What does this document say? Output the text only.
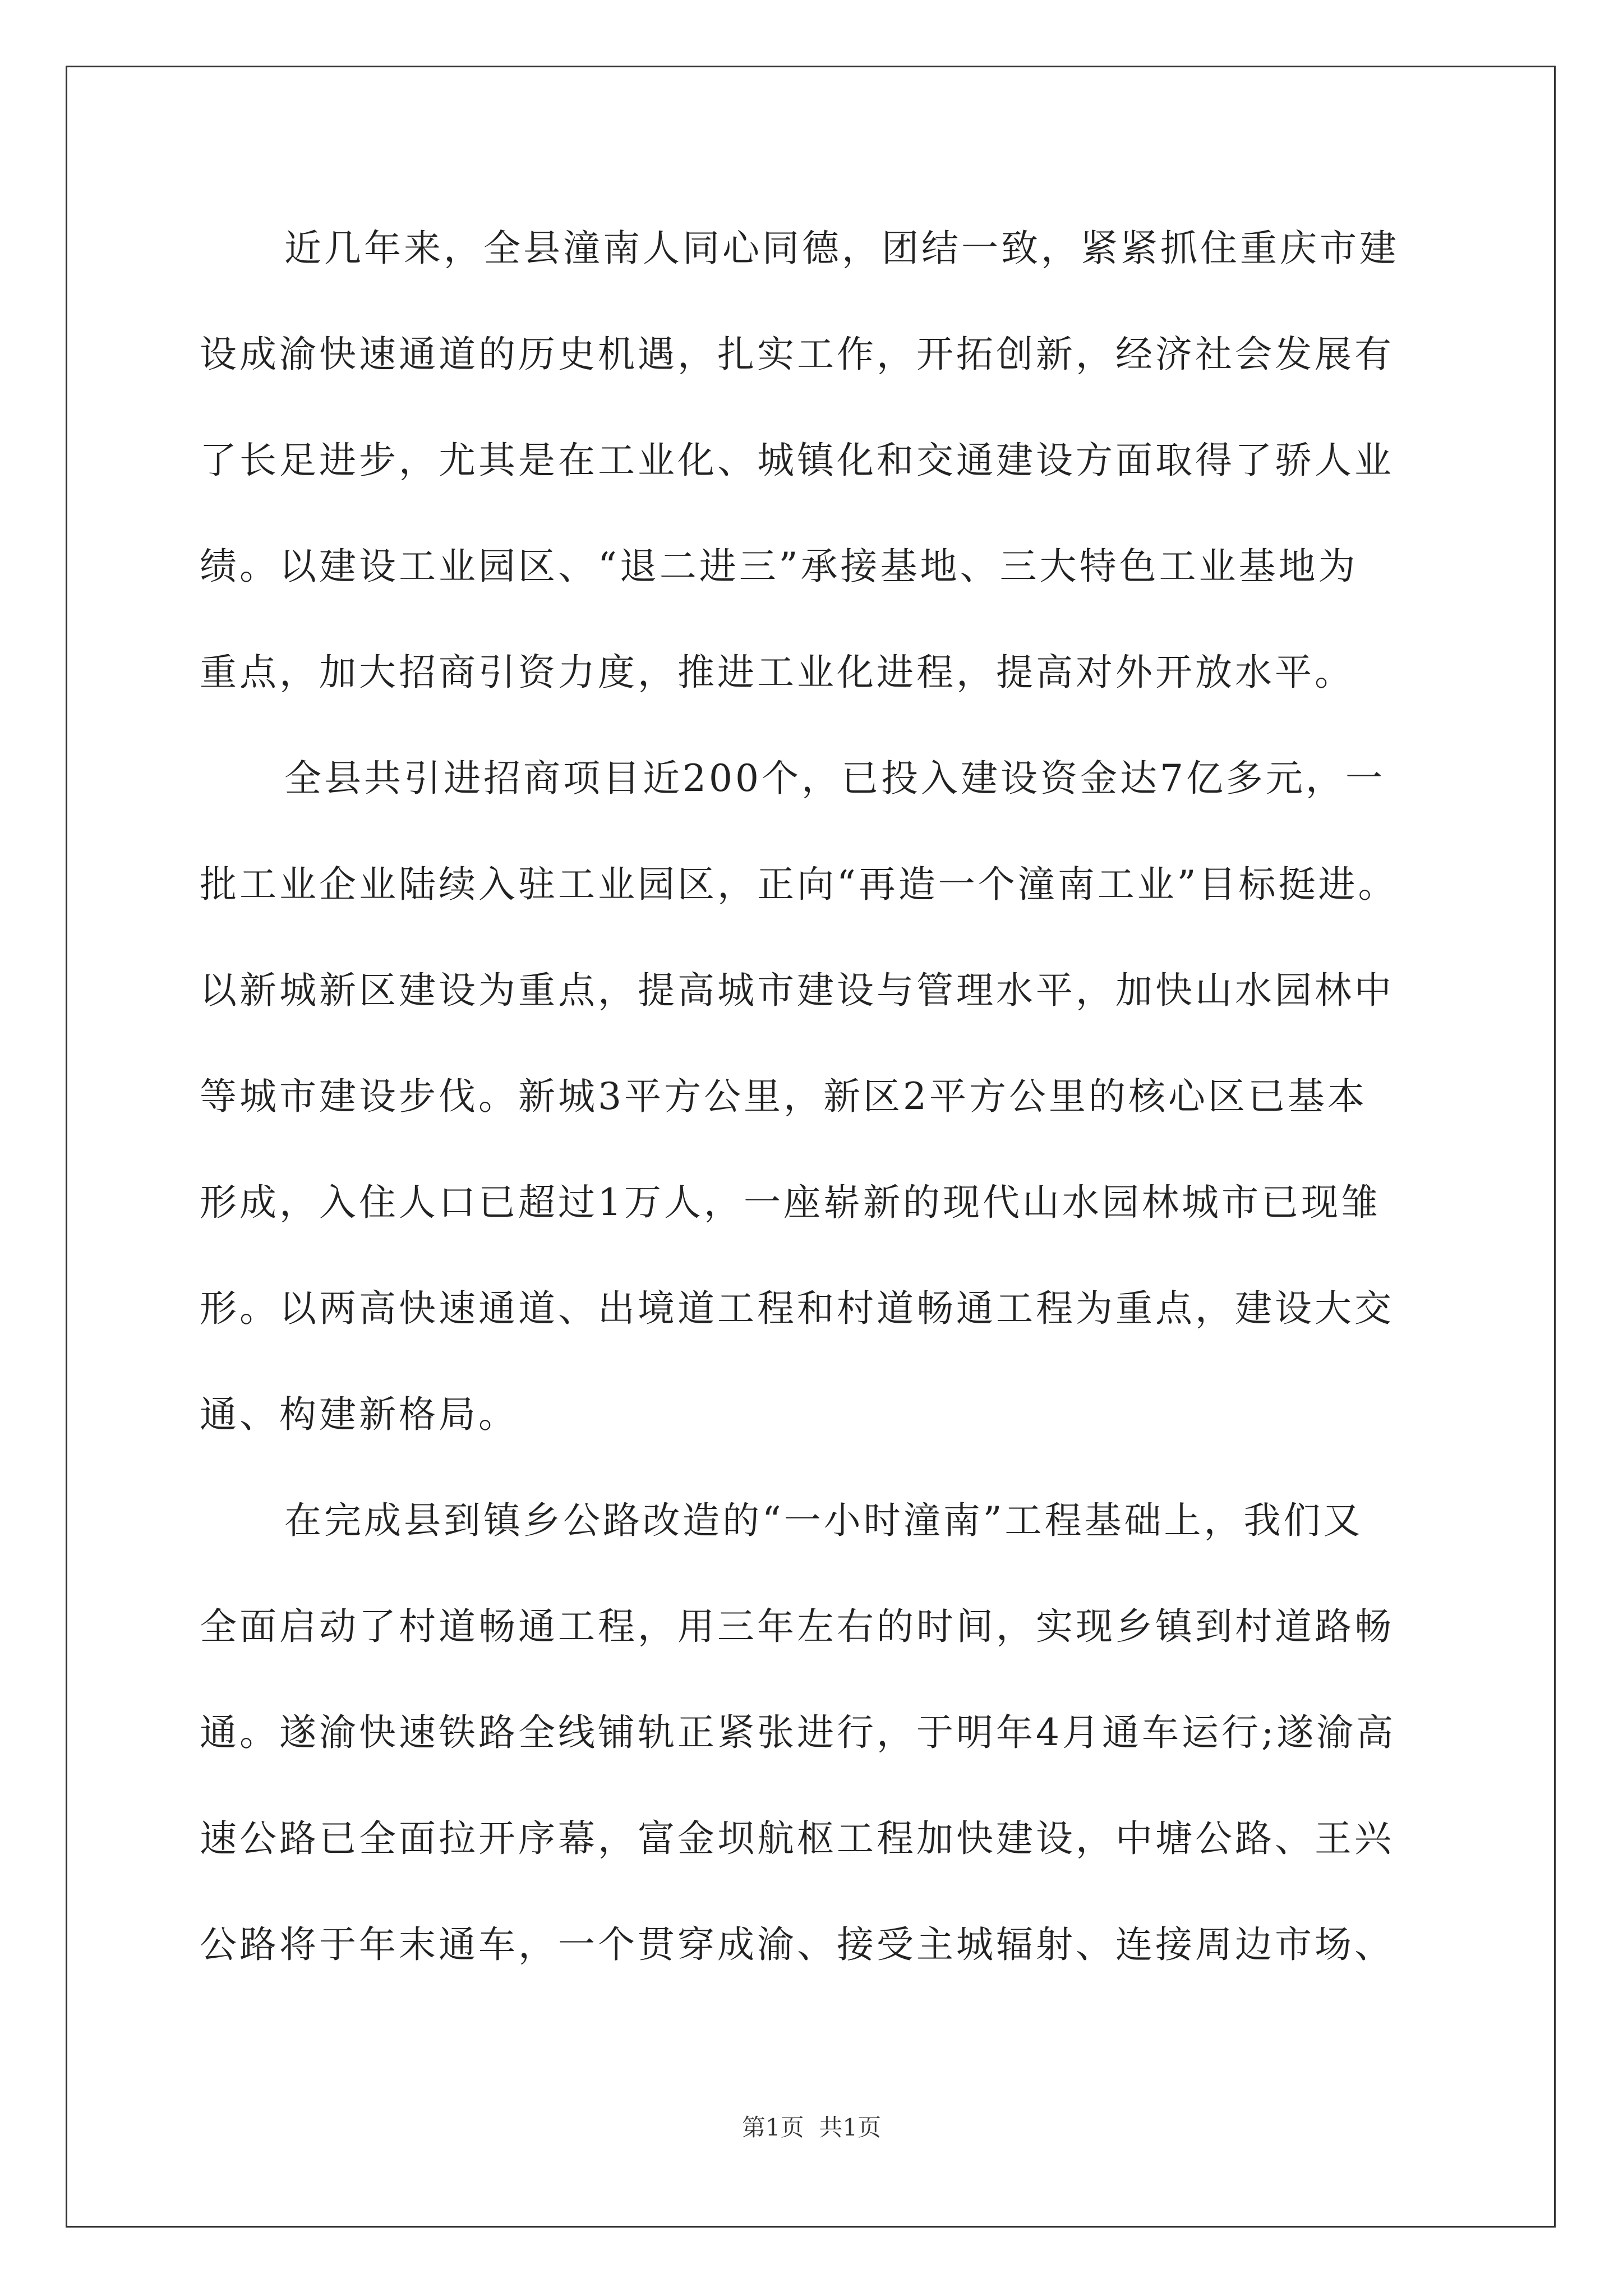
近几年来，全县潼南人同心同德，团结一致，紧紧抓住重庆市建
设成渝快速通道的历史机遇，扎实工作，开拓创新，经济社会发展有
了长足进步，尤其是在工业化、城镇化和交通建设方面取得了骄人业
绩。以建设工业园区、“退二进三”承接基地、三大特色工业基地为
重点，加大招商引资力度，推进工业化进程，提高对外开放水平。
全县共引进招商项目近200个，已投入建设资金达7亿多元，一
批工业企业陆续入驻工业园区，正向“再造一个潼南工业”目标挺进。
以新城新区建设为重点，提高城市建设与管理水平，加快山水园林中
等城市建设步伐。新城3平方公里，新区2平方公里的核心区已基本
形成，入住人口已超过1万人，一座崭新的现代山水园林城市已现雏
形。以两高快速通道、出境道工程和村道畅通工程为重点，建设大交
通、构建新格局。
在完成县到镇乡公路改造的“一小时潼南”工程基础上，我们又
全面启动了村道畅通工程，用三年左右的时间，实现乡镇到村道路畅
通。遂渝快速铁路全线铺轨正紧张进行，于明年4月通车运行;遂渝高
速公路已全面拉开序幕，富金坝航枢工程加快建设，中塘公路、王兴
公路将于年末通车，一个贯穿成渝、接受主城辐射、连接周边市场、
第1页  共1页
